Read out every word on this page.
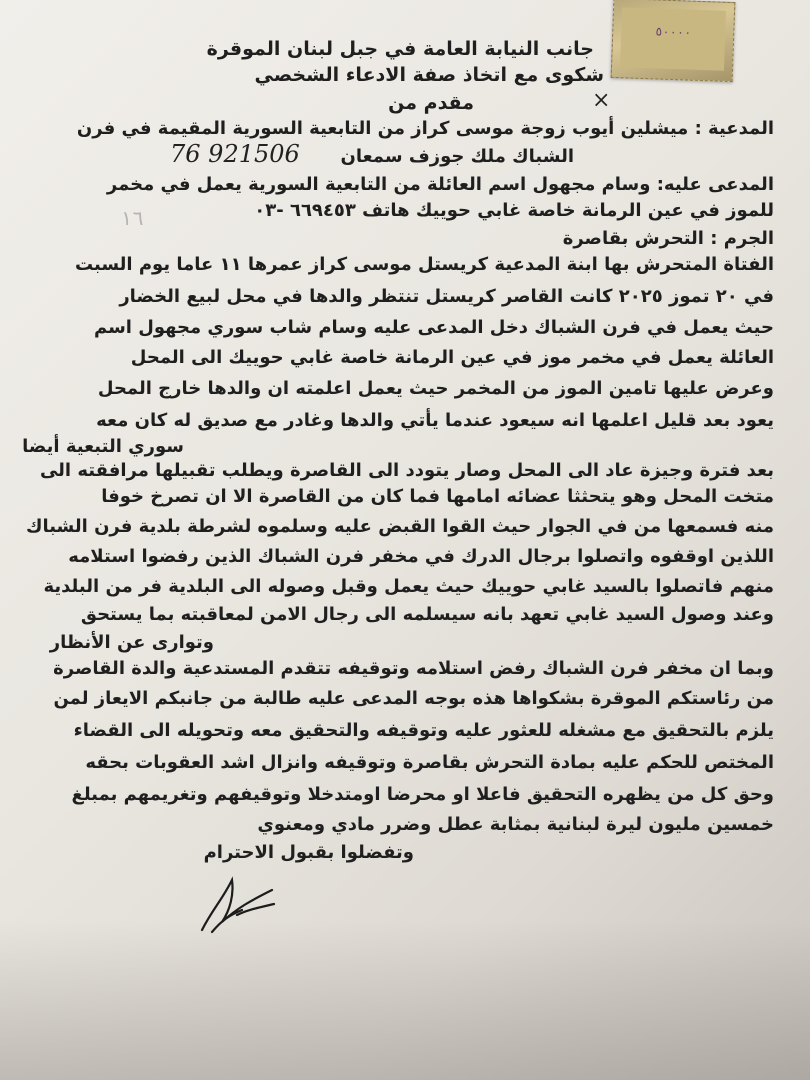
٥٠٠٠٠
جانب النيابة العامة في جبل لبنان الموقرة
شكوى مع اتخاذ صفة الادعاء الشخصي
مقدم من
المدعية : ميشلين أيوب زوجة موسى كراز من التابعية السورية المقيمة في فرن
الشباك ملك جوزف سمعان
المدعى عليه: وسام مجهول اسم العائلة من التابعية السورية يعمل في مخمر
للموز في عين الرمانة خاصة غابي حوييك هاتف ٦٦٩٤٥٣ -٠٣
الجرم : التحرش بقاصرة
الفتاة المتحرش بها ابنة المدعية كريستل موسى كراز عمرها ١١ عاما يوم السبت
في ٢٠ تموز ٢٠٢٥ كانت القاصر كريستل تنتظر والدها في محل لبيع الخضار
حيث يعمل في فرن الشباك دخل المدعى عليه وسام شاب سوري مجهول اسم
العائلة يعمل في مخمر موز في عين الرمانة خاصة غابي حوييك الى المحل
وعرض عليها تامين الموز من المخمر حيث يعمل اعلمته ان والدها خارج المحل
يعود بعد قليل اعلمها انه سيعود عندما يأتي والدها وغادر مع صديق له كان معه
سوري التبعية أيضا
بعد فترة وجيزة عاد الى المحل وصار يتودد الى القاصرة ويطلب تقبيلها مرافقته الى
متخت المحل وهو يتحثثا عضائه امامها فما كان من القاصرة الا ان تصرخ خوفا
منه فسمعها من في الجوار حيث القوا القبض عليه وسلموه لشرطة بلدية فرن الشباك
اللذين اوقفوه واتصلوا برجال الدرك في مخفر فرن الشباك الذين رفضوا استلامه
منهم فاتصلوا بالسيد غابي حوييك حيث يعمل وقبل وصوله الى البلدية فر من البلدية
وعند وصول السيد غابي تعهد بانه سيسلمه الى رجال الامن لمعاقبته بما يستحق
وتوارى عن الأنظار
وبما ان مخفر فرن الشباك رفض استلامه وتوقيفه تتقدم المستدعية والدة القاصرة
من رئاستكم الموقرة بشكواها هذه بوجه المدعى عليه طالبة من جانبكم الايعاز لمن
يلزم بالتحقيق مع مشغله للعثور عليه وتوقيفه والتحقيق معه وتحويله الى القضاء
المختص للحكم عليه بمادة التحرش بقاصرة وتوقيفه وانزال اشد العقوبات بحقه
وحق كل من يظهره التحقيق فاعلا او محرضا اومتدخلا وتوقيفهم وتغريمهم بمبلغ
خمسين مليون ليرة لبنانية بمثابة عطل وضرر مادي ومعنوي
وتفضلوا بقبول الاحترام
76 921506
×
١٦
